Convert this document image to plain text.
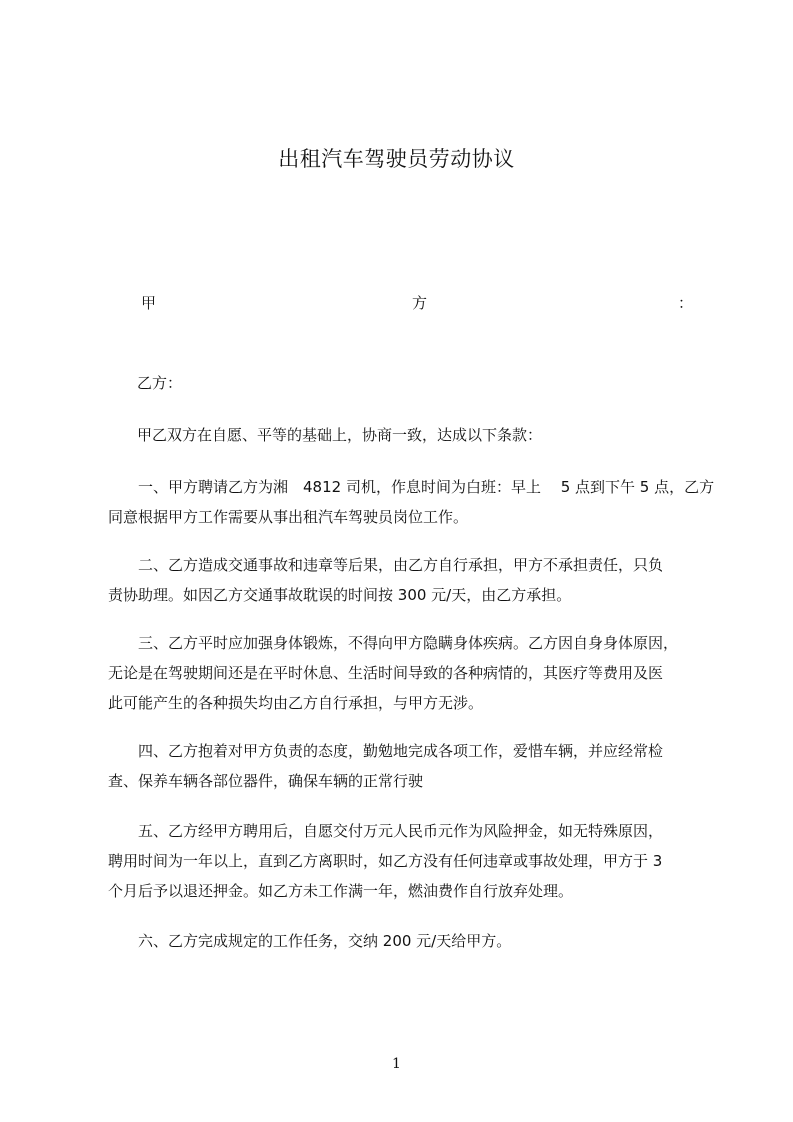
出租汽车驾驶员劳动协议
甲	方	：
乙方：
甲乙双方在自愿、平等的基础上，协商一致，达成以下条款：
一、甲方聘请乙方为湘　4812 司机，作息时间为白班：早上　 5 点到下午 5 点，乙方
同意根据甲方工作需要从事出租汽车驾驶员岗位工作。
二、乙方造成交通事故和违章等后果，由乙方自行承担，甲方不承担责任，只负
责协助理。如因乙方交通事故耽误的时间按 300 元/天，由乙方承担。
三、乙方平时应加强身体锻炼，不得向甲方隐瞒身体疾病。乙方因自身身体原因，
无论是在驾驶期间还是在平时休息、生活时间导致的各种病情的，其医疗等费用及医
此可能产生的各种损失均由乙方自行承担，与甲方无涉。
四、乙方抱着对甲方负责的态度，勤勉地完成各项工作，爱惜车辆，并应经常检
查、保养车辆各部位器件，确保车辆的正常行驶
五、乙方经甲方聘用后，自愿交付万元人民币元作为风险押金，如无特殊原因，
聘用时间为一年以上，直到乙方离职时，如乙方没有任何违章或事故处理，甲方于 3
个月后予以退还押金。如乙方未工作满一年，燃油费作自行放弃处理。
六、乙方完成规定的工作任务，交纳 200 元/天给甲方。
1
